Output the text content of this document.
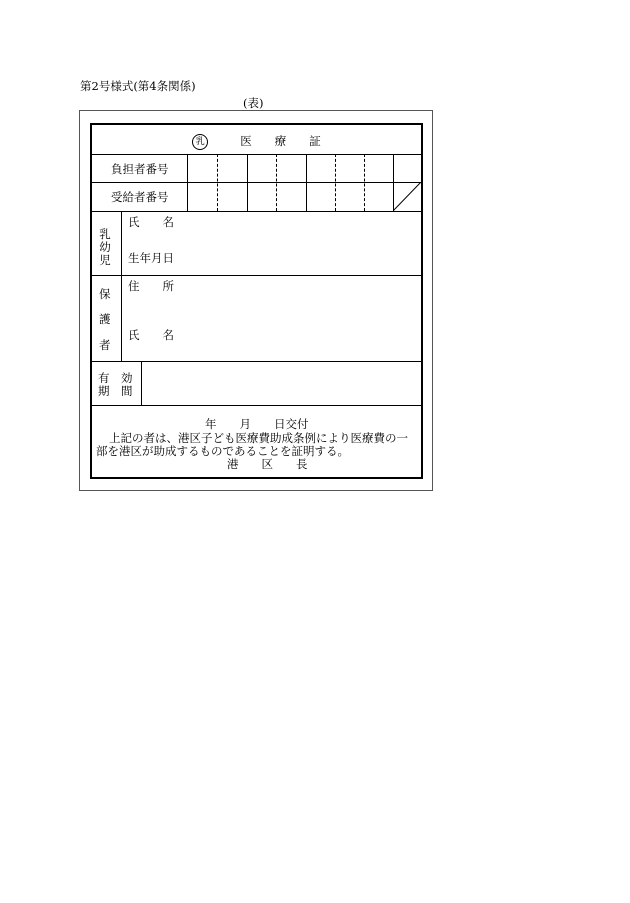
第2号様式(第4条関係)
(表)
乳	医　　療　　証
負担者番号
受給者番号
乳幼児
氏　　名
生年月日
保
護
者
住　　所
氏　　名
有　効
期　間
年　　月　　日交付
上記の者は、港区子ども医療費助成条例により医療費の一
部を港区が助成するものであることを証明する。
港　　区　　長
